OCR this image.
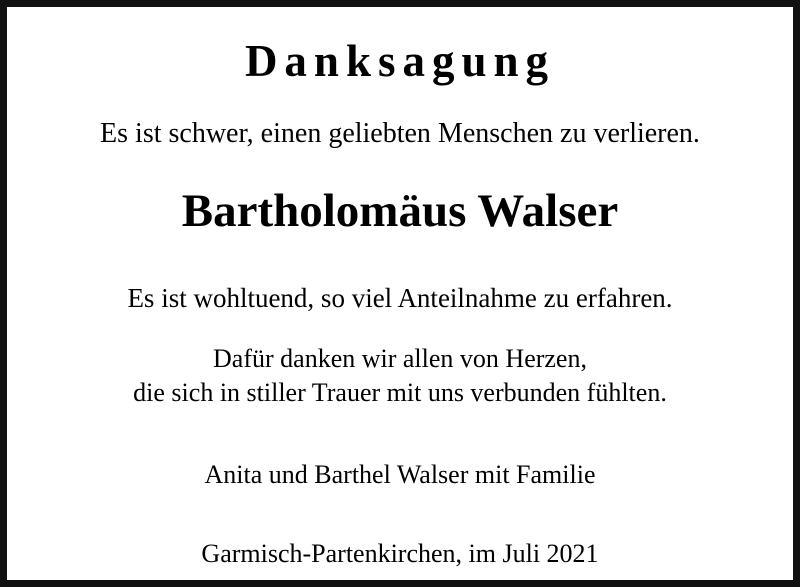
Danksagung
Es ist schwer, einen geliebten Menschen zu verlieren.
Bartholomäus Walser
Es ist wohltuend, so viel Anteilnahme zu erfahren.
Dafür danken wir allen von Herzen,
die sich in stiller Trauer mit uns verbunden fühlten.
Anita und Barthel Walser mit Familie
Garmisch-Partenkirchen, im Juli 2021
